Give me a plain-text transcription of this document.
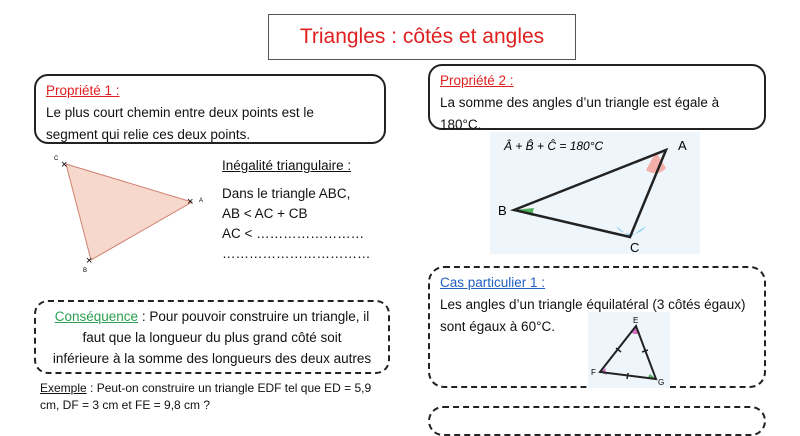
Triangles : côtés et angles
Propriété 1 :
Le plus court chemin entre deux points est le
segment qui relie ces deux points.
×
×
×
C
A
B
Inégalité triangulaire :
Dans le triangle ABC,
AB < AC + CB
AC < ……………………
……………………………
Conséquence : Pour pouvoir construire un triangle, il
faut que la longueur du plus grand côté soit
inférieure à la somme des longueurs des deux autres
Exemple : Peut-on construire un triangle EDF tel que ED = 5,9
cm, DF = 3 cm et FE = 9,8 cm ?
Propriété 2 :
La somme des angles d’un triangle est égale à 180°C.
Â + B̂ + Ĉ = 180°C
B
A
C
Cas particulier 1 :
Les angles d’un triangle équilatéral (3 côtés égaux)
sont égaux à 60°C.	E
F
G
